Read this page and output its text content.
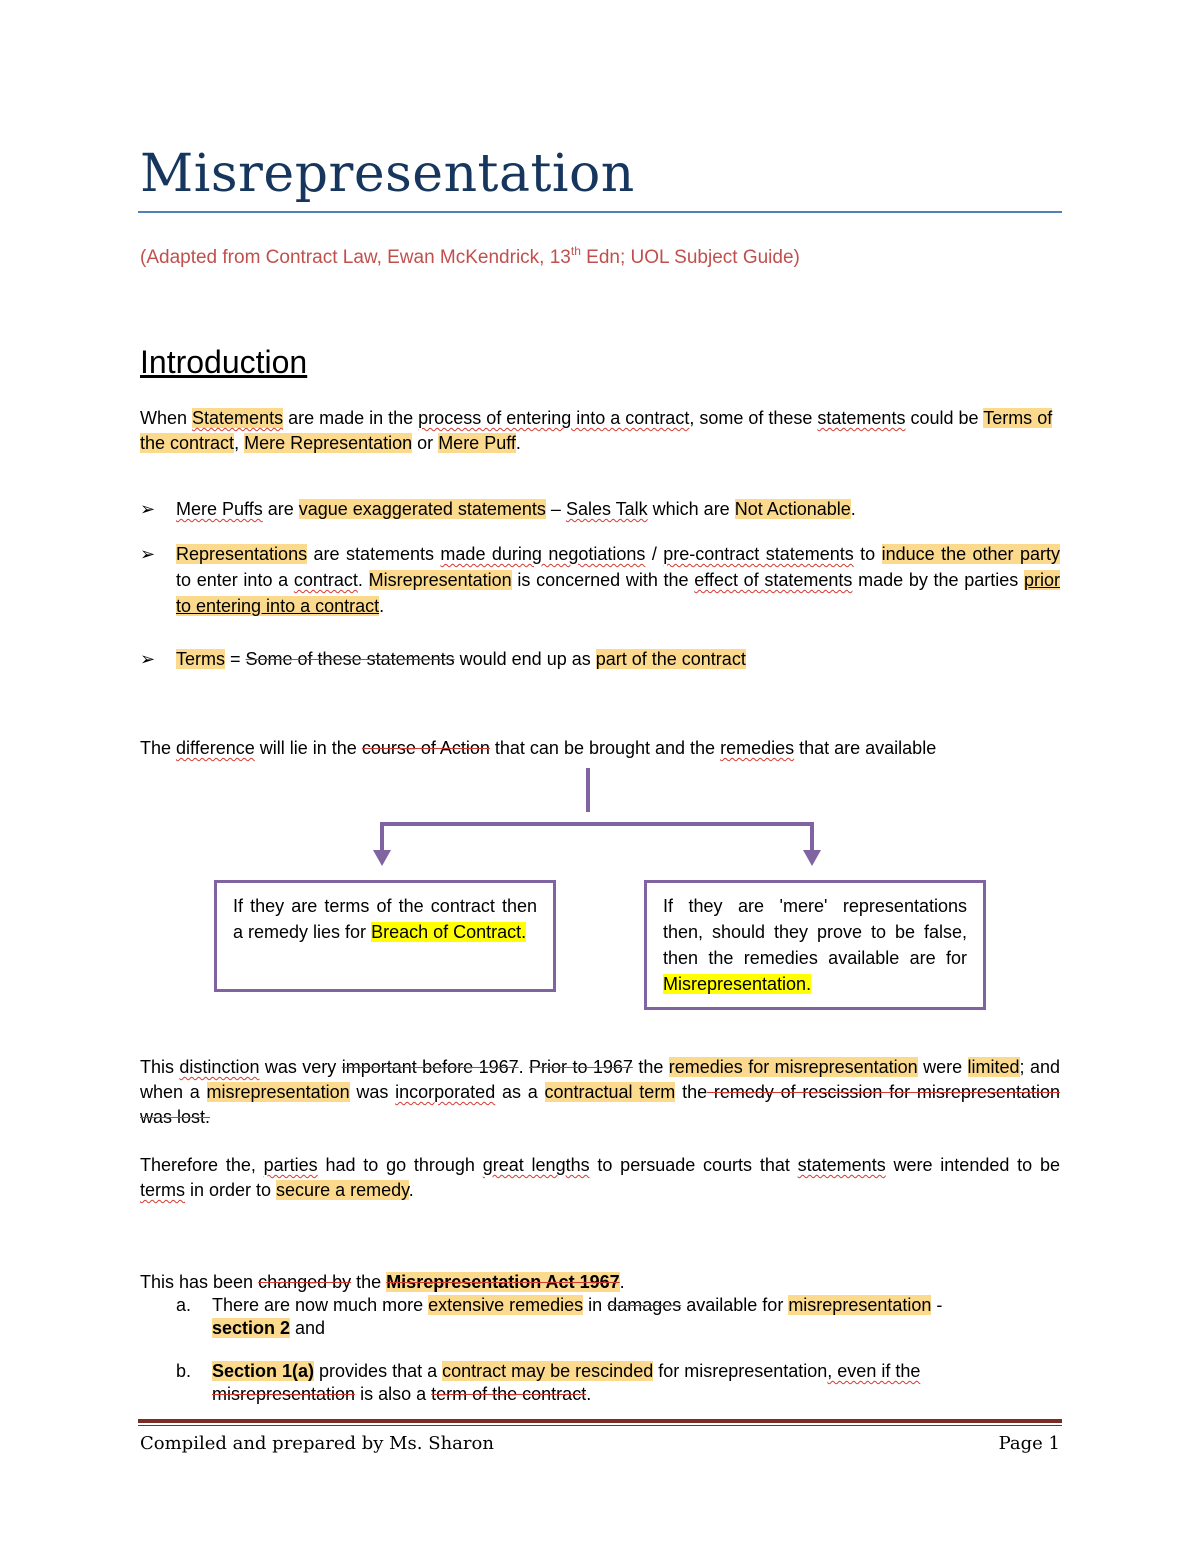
Misrepresentation

(Adapted from Contract Law, Ewan McKendrick, 13th Edn; UOL Subject Guide)

Introduction

When Statements are made in the process of entering into a contract, some of these statements could be Terms of the contract, Mere Representation or Mere Puff.

➢	Mere Puffs are vague exaggerated statements – Sales Talk which are Not Actionable.
➢	Representations are statements made during negotiations / pre-contract statements to induce the other party to enter into a contract. Misrepresentation is concerned with the effect of statements made by the parties prior to entering into a contract.
➢	Terms = Some of these statements would end up as part of the contract

The difference will lie in the course of Action that can be brought and the remedies that are available

If they are terms of the contract then a remedy lies for Breach of Contract.
If they are 'mere' representations then, should they prove to be false, then the remedies available are for Misrepresentation.

This distinction was very important before 1967. Prior to 1967 the remedies for misrepresentation were limited; and when a misrepresentation was incorporated as a contractual term the remedy of rescission for misrepresentation was lost.

Therefore the, parties had to go through great lengths to persuade courts that statements were intended to be terms in order to secure a remedy.

This has been changed by the Misrepresentation Act 1967.

a. There are now much more extensive remedies in damages available for misrepresentation -
section 2 and
b. Section 1(a) provides that a contract may be rescinded for misrepresentation, even if the
misrepresentation is also a term of the contract.
Compiled and prepared by Ms. Sharon	Page 1
